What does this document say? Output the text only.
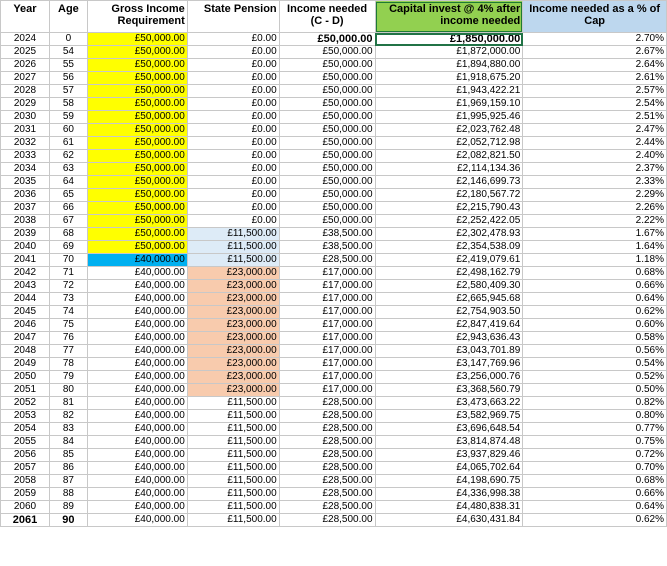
Year	Age	Gross Income Requirement	State Pension	Income needed (C - D)	Capital invest @ 4% after income needed	Income needed as a % of Cap
2024	0	£50,000.00	£0.00	£50,000.00	£1,850,000.00	2.70%
2025	54	£50,000.00	£0.00	£50,000.00	£1,872,000.00	2.67%
2026	55	£50,000.00	£0.00	£50,000.00	£1,894,880.00	2.64%
2027	56	£50,000.00	£0.00	£50,000.00	£1,918,675.20	2.61%
2028	57	£50,000.00	£0.00	£50,000.00	£1,943,422.21	2.57%
2029	58	£50,000.00	£0.00	£50,000.00	£1,969,159.10	2.54%
2030	59	£50,000.00	£0.00	£50,000.00	£1,995,925.46	2.51%
2031	60	£50,000.00	£0.00	£50,000.00	£2,023,762.48	2.47%
2032	61	£50,000.00	£0.00	£50,000.00	£2,052,712.98	2.44%
2033	62	£50,000.00	£0.00	£50,000.00	£2,082,821.50	2.40%
2034	63	£50,000.00	£0.00	£50,000.00	£2,114,134.36	2.37%
2035	64	£50,000.00	£0.00	£50,000.00	£2,146,699.73	2.33%
2036	65	£50,000.00	£0.00	£50,000.00	£2,180,567.72	2.29%
2037	66	£50,000.00	£0.00	£50,000.00	£2,215,790.43	2.26%
2038	67	£50,000.00	£0.00	£50,000.00	£2,252,422.05	2.22%
2039	68	£50,000.00	£11,500.00	£38,500.00	£2,302,478.93	1.67%
2040	69	£50,000.00	£11,500.00	£38,500.00	£2,354,538.09	1.64%
2041	70	£40,000.00	£11,500.00	£28,500.00	£2,419,079.61	1.18%
2042	71	£40,000.00	£23,000.00	£17,000.00	£2,498,162.79	0.68%
2043	72	£40,000.00	£23,000.00	£17,000.00	£2,580,409.30	0.66%
2044	73	£40,000.00	£23,000.00	£17,000.00	£2,665,945.68	0.64%
2045	74	£40,000.00	£23,000.00	£17,000.00	£2,754,903.50	0.62%
2046	75	£40,000.00	£23,000.00	£17,000.00	£2,847,419.64	0.60%
2047	76	£40,000.00	£23,000.00	£17,000.00	£2,943,636.43	0.58%
2048	77	£40,000.00	£23,000.00	£17,000.00	£3,043,701.89	0.56%
2049	78	£40,000.00	£23,000.00	£17,000.00	£3,147,769.96	0.54%
2050	79	£40,000.00	£23,000.00	£17,000.00	£3,256,000.76	0.52%
2051	80	£40,000.00	£23,000.00	£17,000.00	£3,368,560.79	0.50%
2052	81	£40,000.00	£11,500.00	£28,500.00	£3,473,663.22	0.82%
2053	82	£40,000.00	£11,500.00	£28,500.00	£3,582,969.75	0.80%
2054	83	£40,000.00	£11,500.00	£28,500.00	£3,696,648.54	0.77%
2055	84	£40,000.00	£11,500.00	£28,500.00	£3,814,874.48	0.75%
2056	85	£40,000.00	£11,500.00	£28,500.00	£3,937,829.46	0.72%
2057	86	£40,000.00	£11,500.00	£28,500.00	£4,065,702.64	0.70%
2058	87	£40,000.00	£11,500.00	£28,500.00	£4,198,690.75	0.68%
2059	88	£40,000.00	£11,500.00	£28,500.00	£4,336,998.38	0.66%
2060	89	£40,000.00	£11,500.00	£28,500.00	£4,480,838.31	0.64%
2061	90	£40,000.00	£11,500.00	£28,500.00	£4,630,431.84	0.62%
